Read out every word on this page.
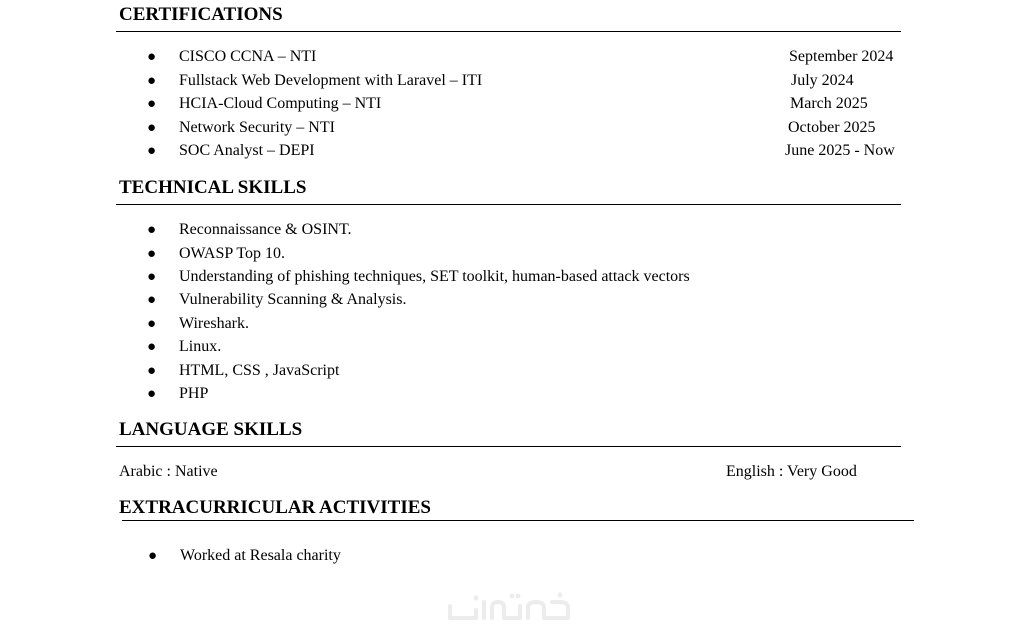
CERTIFICATIONS
● CISCO CCNA – NTI	September 2024
● Fullstack Web Development with Laravel – ITI	July 2024
● HCIA-Cloud Computing – NTI	March 2025
● Network Security – NTI	October 2025
● SOC Analyst – DEPI	June 2025 - Now
TECHNICAL SKILLS
● Reconnaissance & OSINT.
● OWASP Top 10.
● Understanding of phishing techniques, SET toolkit, human-based attack vectors
● Vulnerability Scanning & Analysis.
● Wireshark.
● Linux.
● HTML, CSS , JavaScript
● PHP
LANGUAGE SKILLS
Arabic : Native	English : Very Good
EXTRACURRICULAR ACTIVITIES
● Worked at Resala charity
